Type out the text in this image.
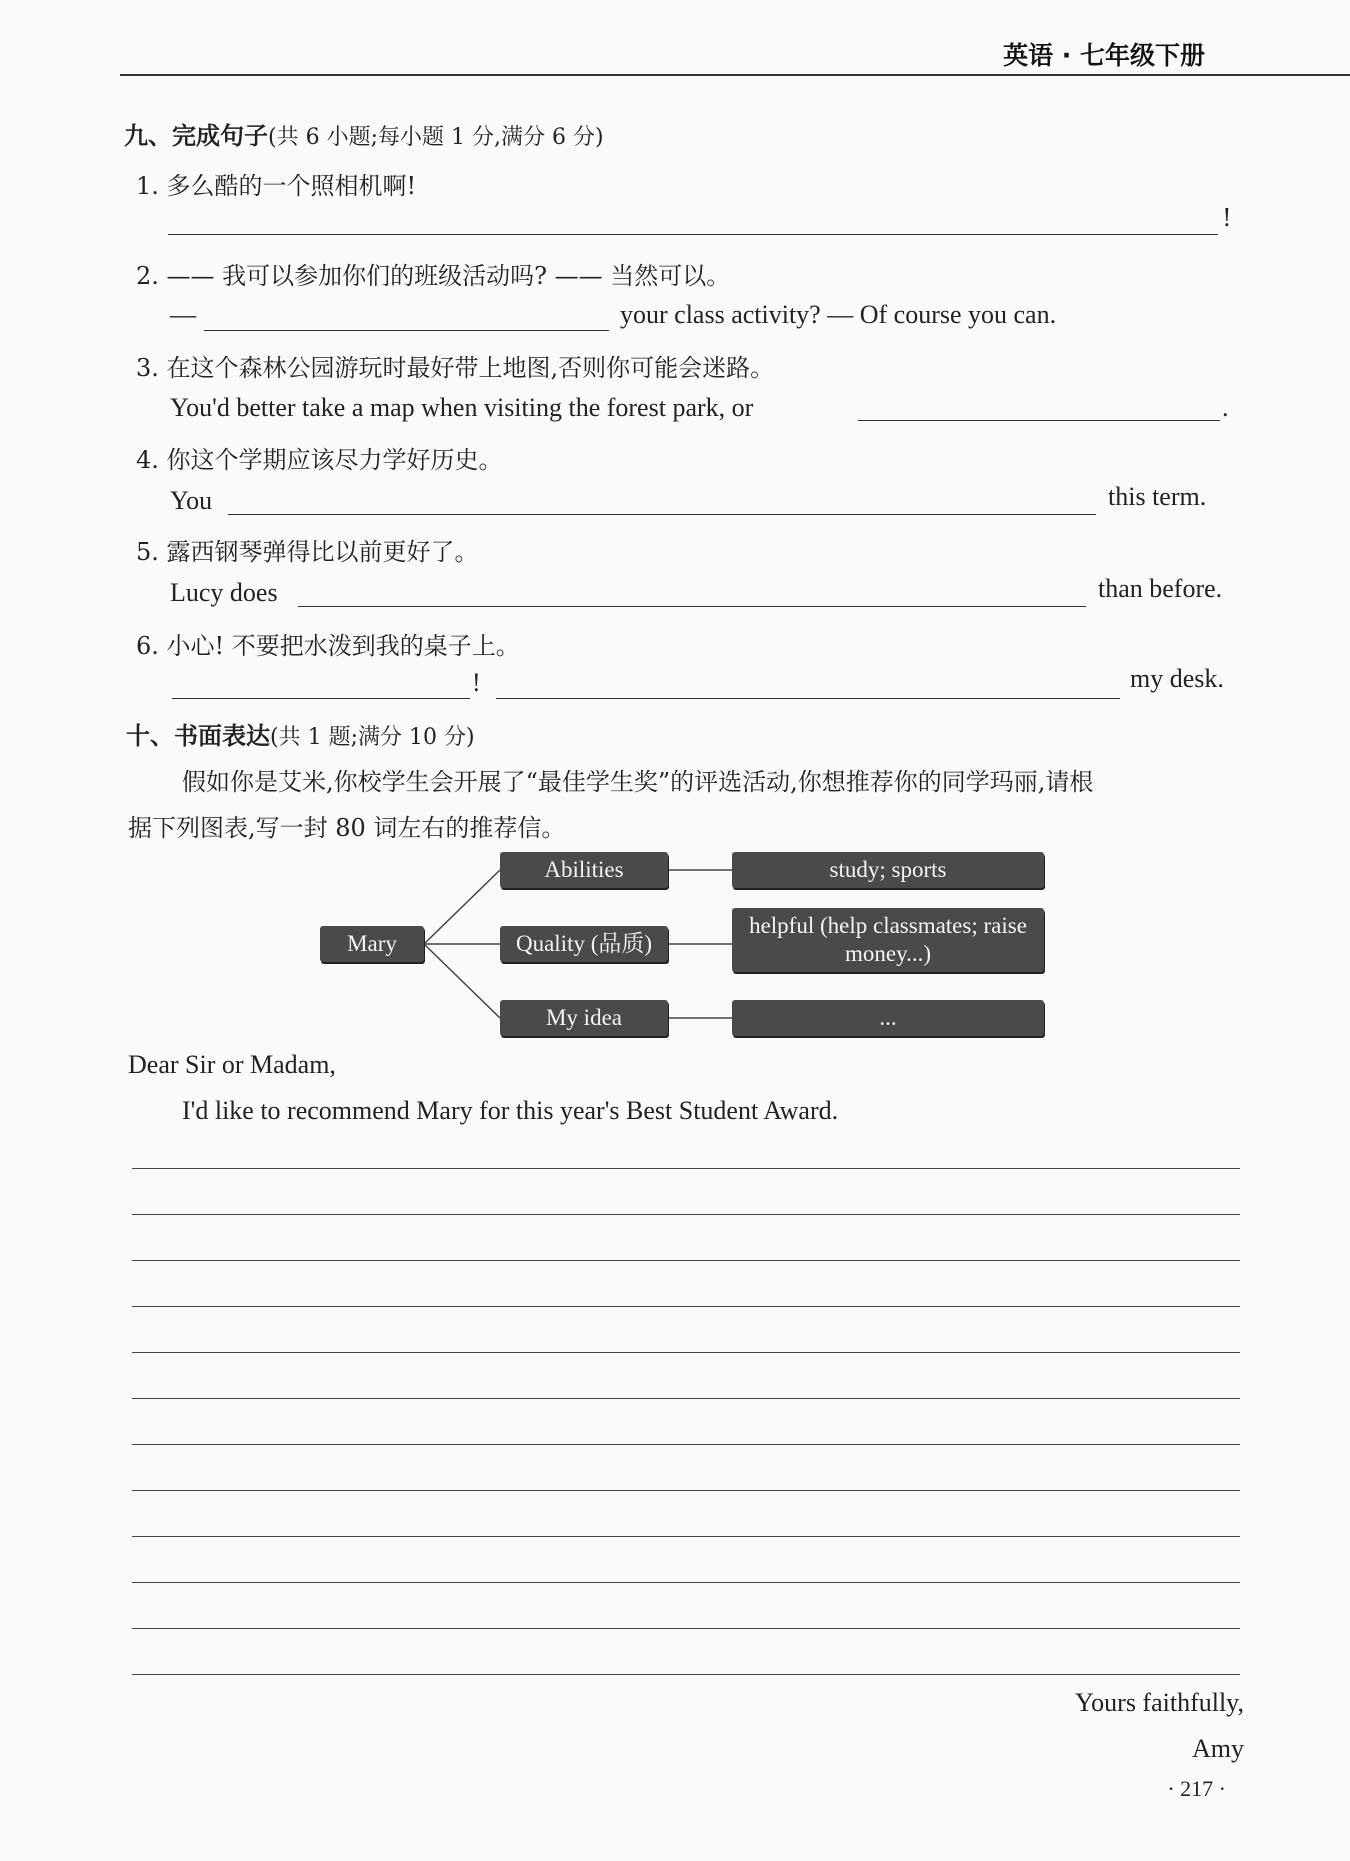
英语 · 七年级下册
九、完成句子(共 6 小题;每小题 1 分,满分 6 分)
1. 多么酷的一个照相机啊!
!
2. —— 我可以参加你们的班级活动吗? —— 当然可以。
—	your class activity? — Of course you can.
3. 在这个森林公园游玩时最好带上地图,否则你可能会迷路。
You'd better take a map when visiting the forest park, or	.
4. 你这个学期应该尽力学好历史。
You	this term.
5. 露西钢琴弹得比以前更好了。
Lucy does	than before.
6. 小心! 不要把水泼到我的桌子上。
!	my desk.
十、书面表达(共 1 题;满分 10 分)
假如你是艾米,你校学生会开展了“最佳学生奖”的评选活动,你想推荐你的同学玛丽,请根
据下列图表,写一封 80 词左右的推荐信。
Mary
Abilities
Quality (品质)
My idea
study; sports
helpful (help classmates; raise money...)
...
Dear Sir or Madam,
I'd like to recommend Mary for this year's Best Student Award.
Yours faithfully,
Amy
· 217 ·
